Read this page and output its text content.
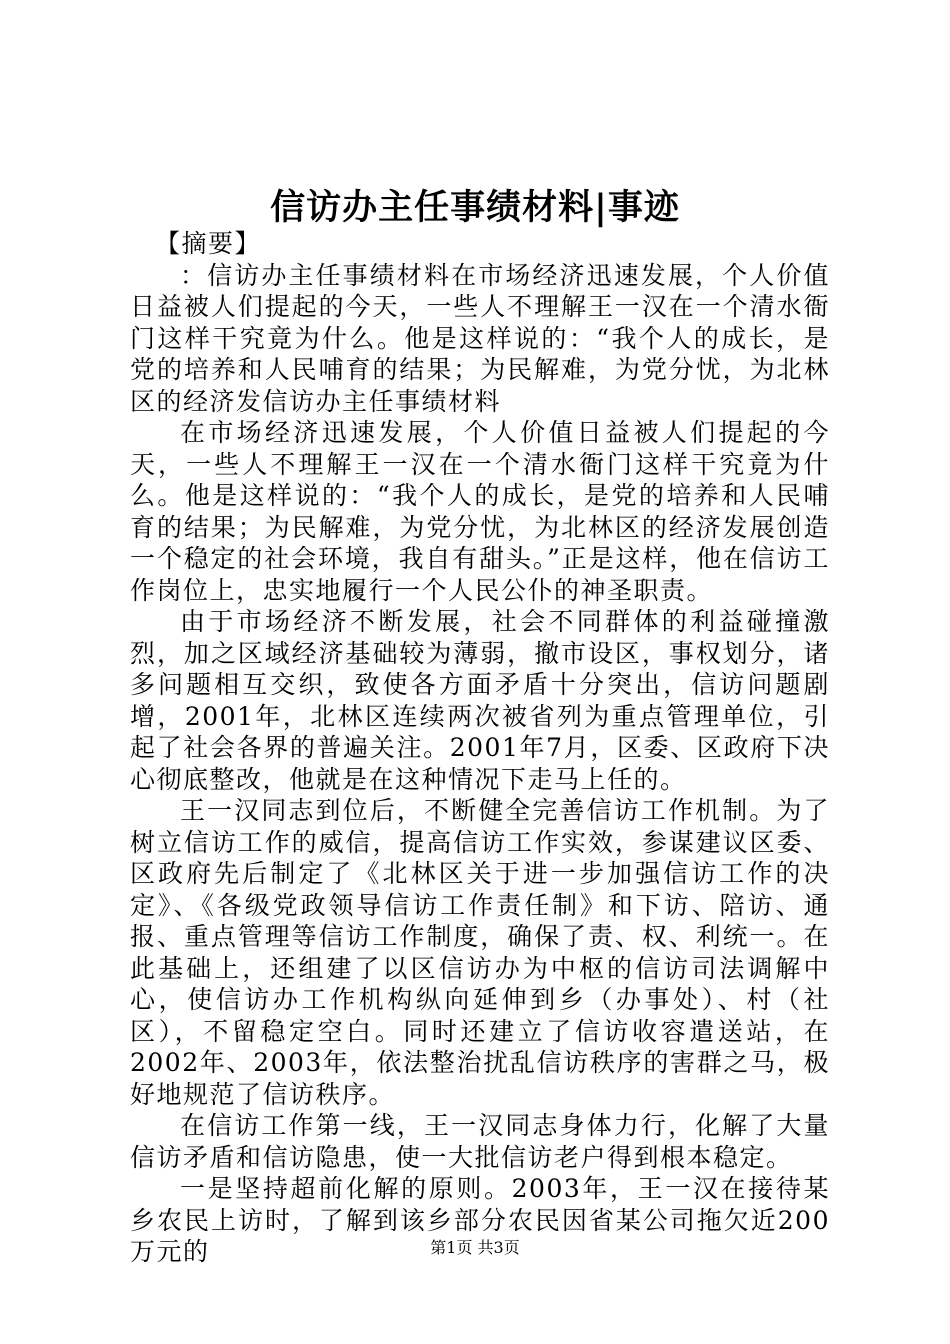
信访办主任事绩材料|事迹

【摘要】

：信访办主任事绩材料在市场经济迅速发展，个人价值日益被人们提起的今天，一些人不理解王一汉在一个清水衙门这样干究竟为什么。他是这样说的：“我个人的成长，是党的培养和人民哺育的结果；为民解难，为党分忧，为北林区的经济发信访办主任事绩材料

在市场经济迅速发展，个人价值日益被人们提起的今天，一些人不理解王一汉在一个清水衙门这样干究竟为什么。他是这样说的：“我个人的成长，是党的培养和人民哺育的结果；为民解难，为党分忧，为北林区的经济发展创造一个稳定的社会环境，我自有甜头。”正是这样，他在信访工作岗位上，忠实地履行一个人民公仆的神圣职责。

由于市场经济不断发展，社会不同群体的利益碰撞激烈，加之区域经济基础较为薄弱，撤市设区，事权划分，诸多问题相互交织，致使各方面矛盾十分突出，信访问题剧增，2001年，北林区连续两次被省列为重点管理单位，引起了社会各界的普遍关注。2001年7月，区委、区政府下决心彻底整改，他就是在这种情况下走马上任的。

王一汉同志到位后，不断健全完善信访工作机制。为了树立信访工作的威信，提高信访工作实效，参谋建议区委、区政府先后制定了《北林区关于进一步加强信访工作的决定》、《各级党政领导信访工作责任制》和下访、陪访、通报、重点管理等信访工作制度，确保了责、权、利统一。在此基础上，还组建了以区信访办为中枢的信访司法调解中心，使信访办工作机构纵向延伸到乡（办事处）、村（社区），不留稳定空白。同时还建立了信访收容遣送站，在2002年、2003年，依法整治扰乱信访秩序的害群之马，极好地规范了信访秩序。

在信访工作第一线，王一汉同志身体力行，化解了大量信访矛盾和信访隐患，使一大批信访老户得到根本稳定。

一是坚持超前化解的原则。2003年，王一汉在接待某乡农民上访时，了解到该乡部分农民因省某公司拖欠近200万元的	第1页 共3页
